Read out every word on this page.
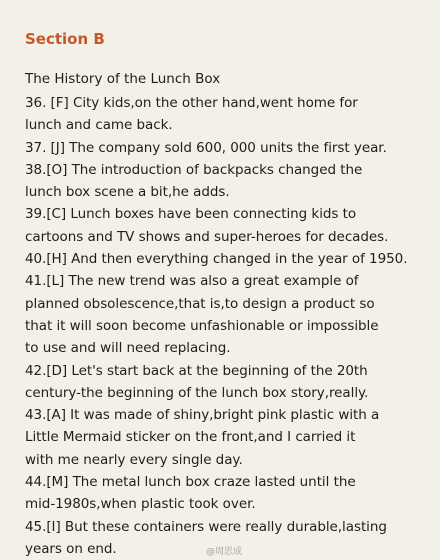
Section B
The History of the Lunch Box
36. [F] City kids,on the other hand,went home for
lunch and came back.
37. [J] The company sold 600, 000 units the first year.
38.[O] The introduction of backpacks changed the
lunch box scene a bit,he adds.
39.[C] Lunch boxes have been connecting kids to
cartoons and TV shows and super-heroes for decades.
40.[H] And then everything changed in the year of 1950.
41.[L] The new trend was also a great example of
planned obsolescence,that is,to design a product so
that it will soon become unfashionable or impossible
to use and will need replacing.
42.[D] Let's start back at the beginning of the 20th
century-the beginning of the lunch box story,really.
43.[A] It was made of shiny,bright pink plastic with a
Little Mermaid sticker on the front,and I carried it
with me nearly every single day.
44.[M] The metal lunch box craze lasted until the
mid-1980s,when plastic took over.
45.[I] But these containers were really durable,lasting
years on end.	@周思成
